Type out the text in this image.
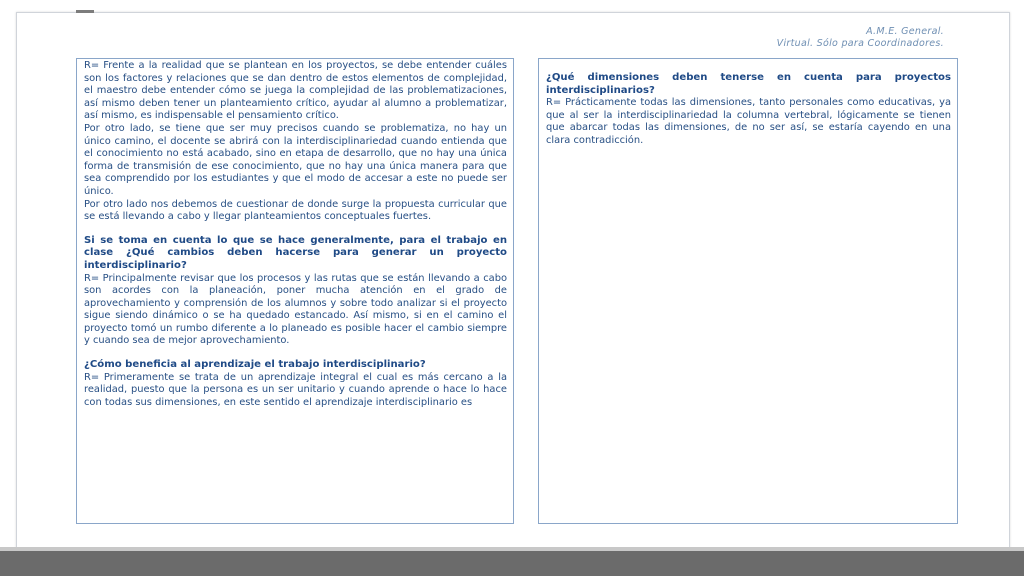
A.M.E. General.
Virtual. Sólo para Coordinadores.

R= Frente a la realidad que se plantean en los proyectos, se debe entender cuáles son los factores y relaciones que se dan dentro de estos elementos de complejidad, el maestro debe entender cómo se juega la complejidad de las problematizaciones, así mismo deben tener un planteamiento crítico, ayudar al alumno a problematizar, así mismo, es indispensable el pensamiento crítico.

Por otro lado, se tiene que ser muy precisos cuando se problematiza, no hay un único camino, el docente se abrirá con la interdisciplinariedad cuando entienda que el conocimiento no está acabado, sino en etapa de desarrollo, que no hay una única forma de transmisión de ese conocimiento, que no hay una única manera para que sea comprendido por los estudiantes y que el modo de accesar a este no puede ser único.

Por otro lado nos debemos de cuestionar de donde surge la propuesta curricular que se está llevando a cabo y llegar planteamientos conceptuales fuertes.

Si se toma en cuenta lo que se hace generalmente, para el trabajo en clase ¿Qué cambios deben hacerse para generar un proyecto interdisciplinario?

R= Principalmente revisar que los procesos y las rutas que se están llevando a cabo son acordes con la planeación, poner mucha atención en el grado de aprovechamiento y comprensión de los alumnos y sobre todo analizar si el proyecto sigue siendo dinámico o se ha quedado estancado. Así mismo, si en el camino el proyecto tomó un rumbo diferente a lo planeado es posible hacer el cambio siempre y cuando sea de mejor aprovechamiento.

¿Cómo beneficia al aprendizaje el trabajo interdisciplinario?

R= Primeramente se trata de un aprendizaje integral el cual es más cercano a la realidad, puesto que la persona es un ser unitario y cuando aprende o hace lo hace con todas sus dimensiones, en este sentido el aprendizaje interdisciplinario es

¿Qué dimensiones deben tenerse en cuenta para proyectos interdisciplinarios?

R= Prácticamente todas las dimensiones, tanto personales como educativas, ya que al ser la interdisciplinariedad la columna vertebral, lógicamente se tienen que abarcar todas las dimensiones, de no ser así, se estaría cayendo en una clara contradicción.
